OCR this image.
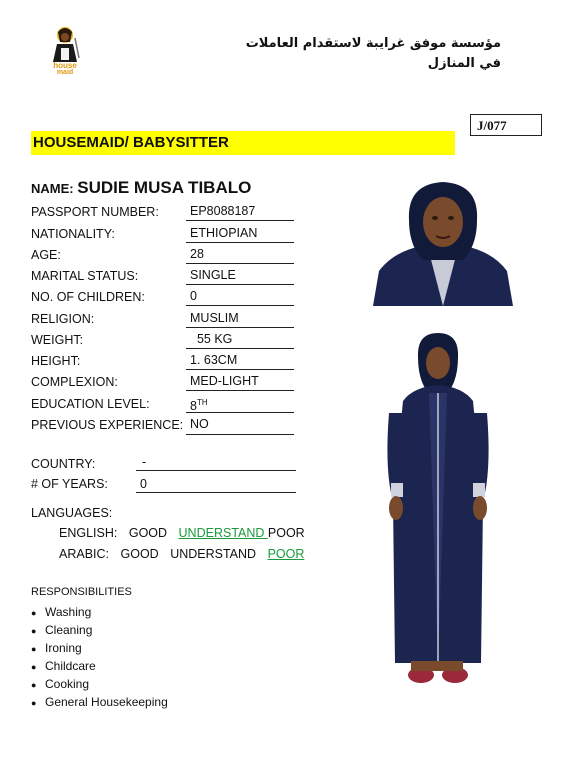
house
maid
مؤسسة موفق غرايبة لاستقدام العاملات
في المنازل
J/077
HOUSEMAID/ BABYSITTER
NAME: SUDIE MUSA TIBALO
PASSPORT NUMBER:	EP8088187
NATIONALITY:	ETHIOPIAN
AGE:	28
MARITAL STATUS:	SINGLE
NO. OF CHILDREN:	0
RELIGION:	MUSLIM
WEIGHT:	55 KG
HEIGHT:	1. 63CM
COMPLEXION:	MED-LIGHT
EDUCATION LEVEL:	8TH
PREVIOUS EXPERIENCE: NO
COUNTRY:	-
# OF YEARS:	0
LANGUAGES:
ENGLISH: GOOD UNDERSTAND POOR
ARABIC: GOOD UNDERSTAND POOR
RESPONSIBILITIES
● Washing
● Cleaning
● Ironing
● Childcare
● Cooking
● General Housekeeping
